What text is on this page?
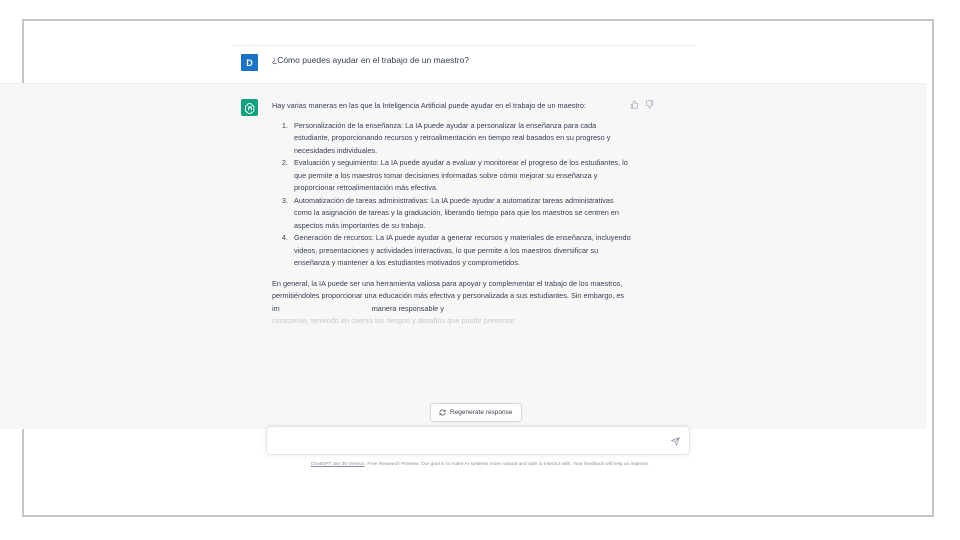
D	¿Cómo puedes ayudar en el trabajo de un maestro?

Hay varias maneras en las que la Inteligencia Artificial puede ayudar en el trabajo de un maestro:

1. Personalización de la enseñanza: La IA puede ayudar a personalizar la enseñanza para cada estudiante, proporcionando recursos y retroalimentación en tiempo real basados en su progreso y necesidades individuales.
2. Evaluación y seguimiento: La IA puede ayudar a evaluar y monitorear el progreso de los estudiantes, lo que permite a los maestros tomar decisiones informadas sobre cómo mejorar su enseñanza y proporcionar retroalimentación más efectiva.
3. Automatización de tareas administrativas: La IA puede ayudar a automatizar tareas administrativas como la asignación de tareas y la graduación, liberando tiempo para que los maestros se centren en aspectos más importantes de su trabajo.
4. Generación de recursos: La IA puede ayudar a generar recursos y materiales de enseñanza, incluyendo videos, presentaciones y actividades interactivas, lo que permite a los maestros diversificar su enseñanza y mantener a los estudiantes motivados y comprometidos.

En general, la IA puede ser una herramienta valiosa para apoyar y complementar el trabajo de los maestros, permitiéndoles proporcionar una educación más efectiva y personalizada a sus estudiantes. Sin embargo, es im	manera responsable y
consciente, teniendo en cuenta los riesgos y desafíos que puede presentar.

Regenerate response
ChatGPT Jan 30 Version. Free Research Preview. Our goal is to make AI systems more natural and safe to interact with. Your feedback will help us improve.
